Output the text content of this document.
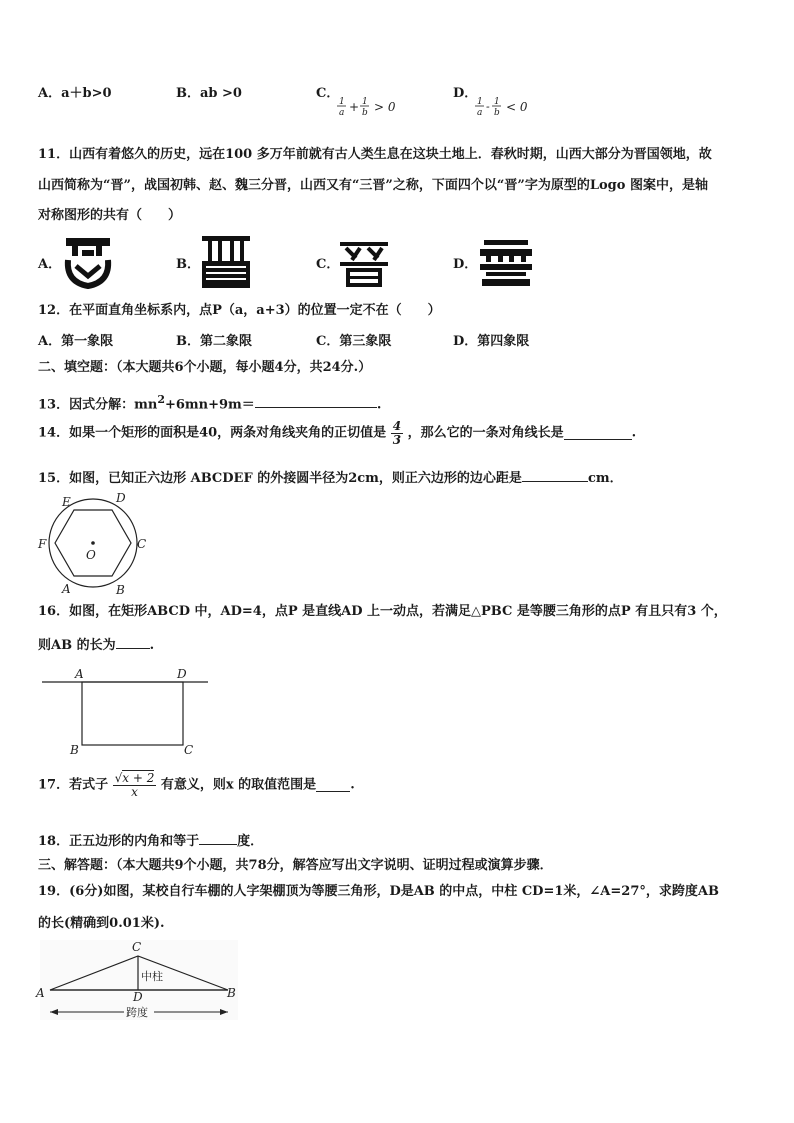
A．a＋b>0	B．ab >0	C．
1
a + 1
b > 0
D．
1
a - 1
b < 0
11．山西有着悠久的历史，远在100 多万年前就有古人类生息在这块土地上．春秋时期，山西大部分为晋国领地，故
山西简称为“晋”，战国初韩、赵、魏三分晋，山西又有“三晋”之称，下面四个以“晋”字为原型的Logo 图案中，是轴
对称图形的共有（　　）
A．	B．	C．	D．
12．在平面直角坐标系内，点P（a，a+3）的位置一定不在（　　）
A．第一象限	B．第二象限	C．第三象限	D．第四象限
二、填空题：（本大题共6个小题，每小题4分，共24分.）
13．因式分解：$mn^2+6mn+9m=$	.
14．如果一个矩形的面积是40，两条对角线夹角的正切值是 $\frac{4}{3}$ ，那么它的一条对角线长是	.
15．如图，已知正六边形 ABCDEF 的外接圆半径为2cm，则正六边形的边心距是	cm．
O
F	C
E	D
A	B
16．如图，在矩形ABCD 中，AD=4，点P 是直线AD 上一动点，若满足△PBC 是等腰三角形的点P 有且只有3 个，
则AB 的长为	.
A	D
B	C
17．若式子 $\frac{√x + 2}{x}$ 有意义，则x 的取值范围是	.
18．正五边形的内角和等于	度．
三、解答题：（本大题共9个小题，共78分，解答应写出文字说明、证明过程或演算步骤．
19．(6分)如图，某校自行车棚的人字架棚顶为等腰三角形，D是AB 的中点，中柱 CD=1米，∠A=27°，求跨度AB
的长(精确到0.01米).
C
A	B
D
跨度
中柱
